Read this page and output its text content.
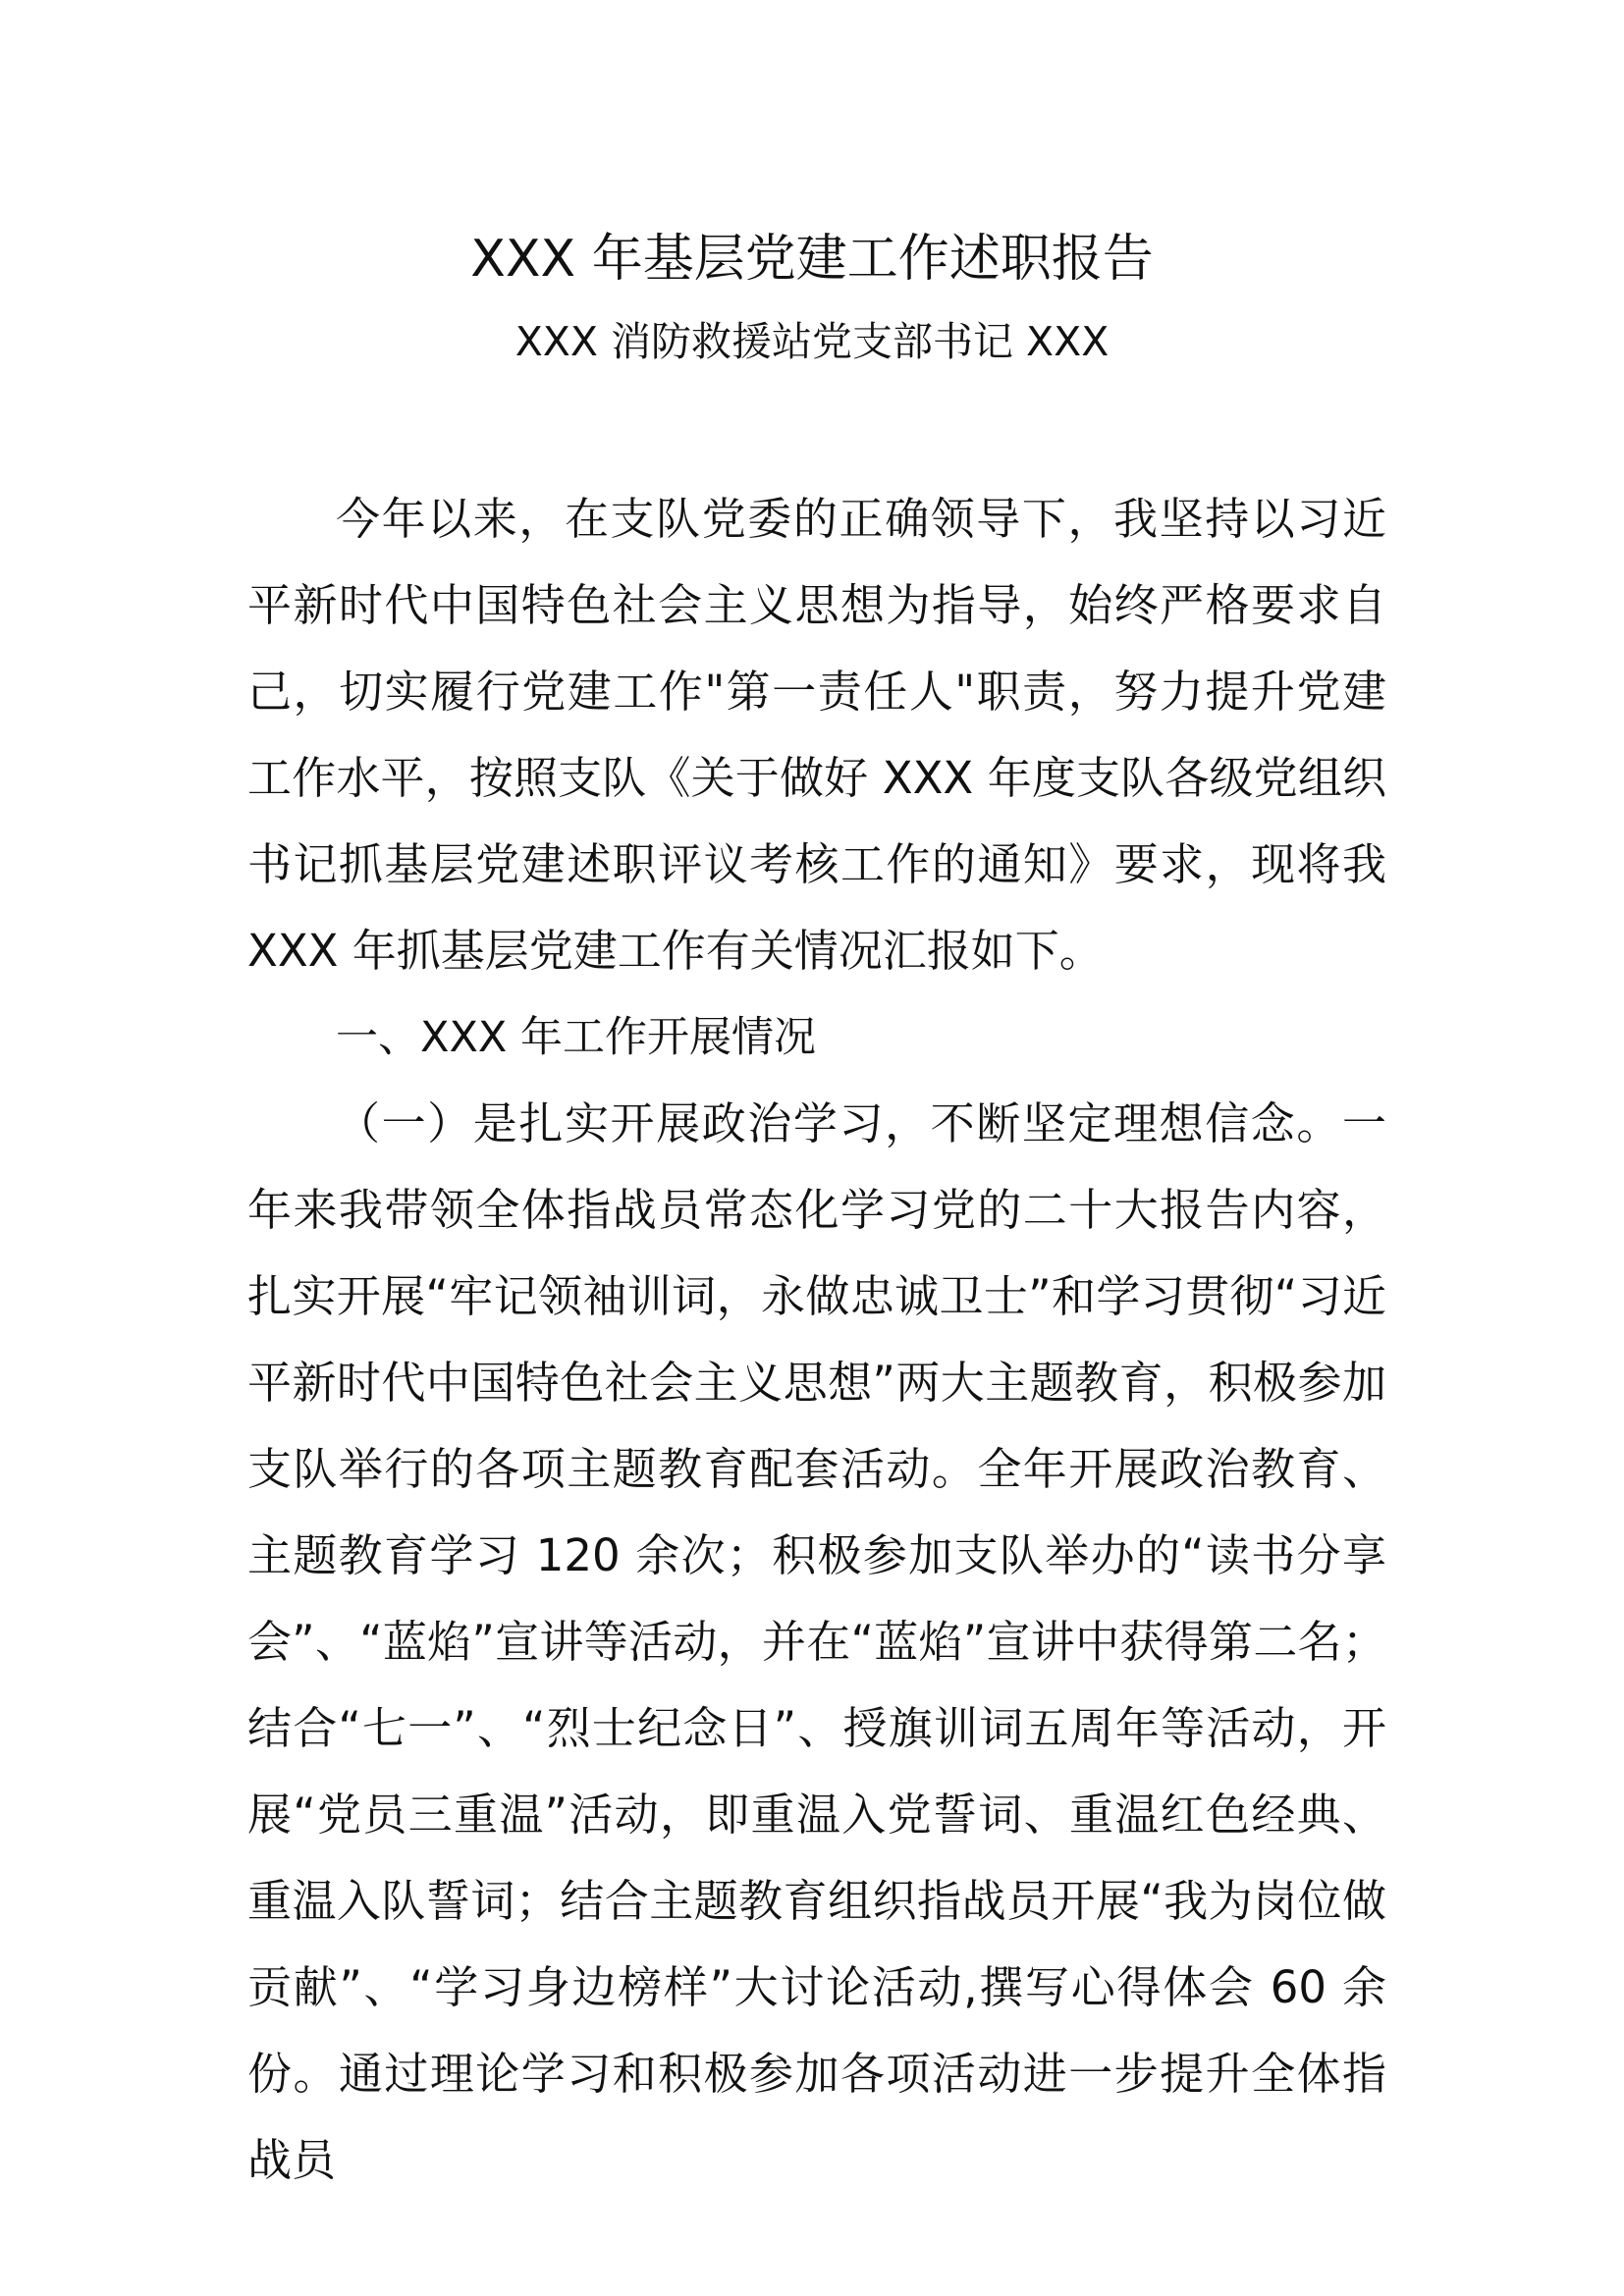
XXX 年基层党建工作述职报告
XXX 消防救援站党支部书记 XXX

今年以来，在支队党委的正确领导下，我坚持以习近平新时代中国特色社会主义思想为指导，始终严格要求自己，切实履行党建工作"第一责任人"职责，努力提升党建工作水平，按照支队《关于做好 XXX 年度支队各级党组织书记抓基层党建述职评议考核工作的通知》要求，现将我 XXX 年抓基层党建工作有关情况汇报如下。

一、XXX 年工作开展情况

（一）是扎实开展政治学习，不断坚定理想信念。一年来我带领全体指战员常态化学习党的二十大报告内容，扎实开展“牢记领袖训词，永做忠诚卫士”和学习贯彻“习近平新时代中国特色社会主义思想”两大主题教育，积极参加支队举行的各项主题教育配套活动。全年开展政治教育、主题教育学习 120 余次；积极参加支队举办的“读书分享会”、“蓝焰”宣讲等活动，并在“蓝焰”宣讲中获得第二名；结合“七一”、“烈士纪念日”、授旗训词五周年等活动，开展“党员三重温”活动，即重温入党誓词、重温红色经典、重温入队誓词；结合主题教育组织指战员开展“我为岗位做贡献”、“学习身边榜样”大讨论活动,撰写心得体会 60 余份。通过理论学习和积极参加各项活动进一步提升全体指战员
